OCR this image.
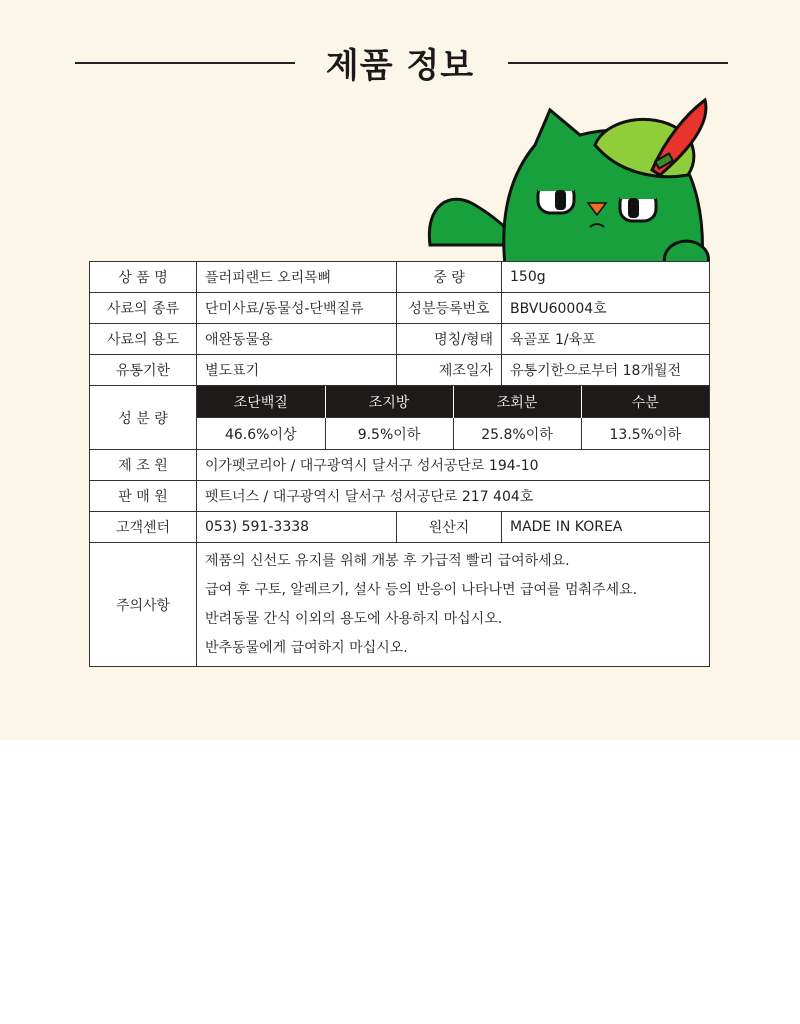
제품 정보
상 품 명	플러피랜드 오리목뼈	중 량	150g
사료의 종류	단미사료/동물성-단백질류	성분등록번호	BBVU60004호
사료의 용도	애완동물용	명칭/형태	육골포 1/육포
유통기한	별도표기	제조일자	유통기한으로부터 18개월전
성 분 량	
조단백질	조지방	조회분	수분
46.6%이상	9.5%이하	25.8%이하	13.5%이하

제 조 원	이가펫코리아 / 대구광역시 달서구 성서공단로 194-10
판 매 원	펫트너스 / 대구광역시 달서구 성서공단로 217 404호
고객센터	053) 591-3338	원산지	MADE IN KOREA
주의사항	
제품의 신선도 유지를 위해 개봉 후 가급적 빨리 급여하세요.
급여 후 구토, 알레르기, 설사 등의 반응이 나타나면 급여를 멈춰주세요.
반려동물 간식 이외의 용도에 사용하지 마십시오.
반추동물에게 급여하지 마십시오.
